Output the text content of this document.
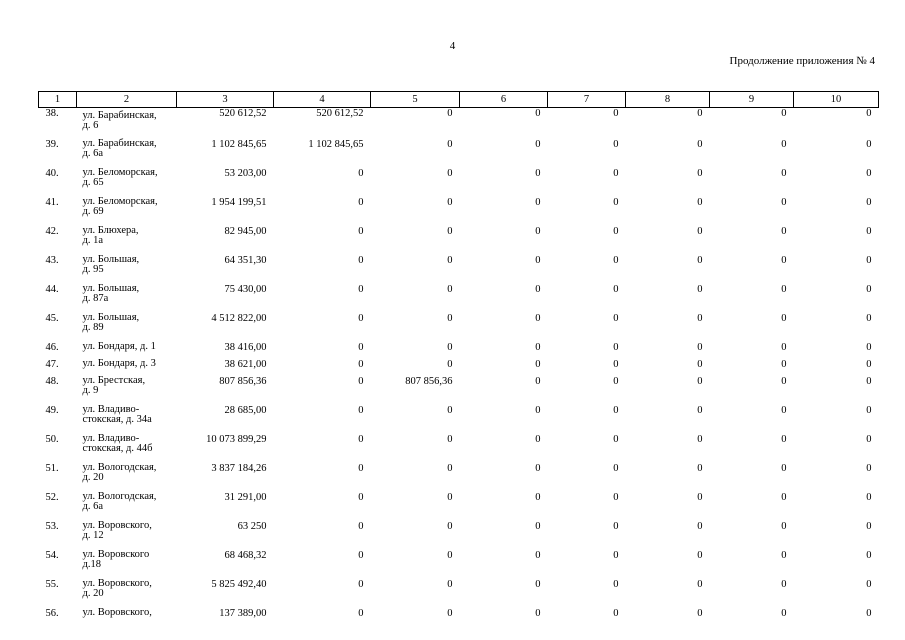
4
Продолжение приложения № 4
1	2	3	4	5	6	7	8	9	10
38.	ул. Барабинская,
д. 6	520 612,52	520 612,52	0	0	0	0	0	0
39.	ул. Барабинская,
д. 6а	1 102 845,65	1 102 845,65	0	0	0	0	0	0
40.	ул. Беломорская,
д. 65	53 203,00	0	0	0	0	0	0	0
41.	ул. Беломорская,
д. 69	1 954 199,51	0	0	0	0	0	0	0
42.	ул. Блюхера,
д. 1а	82 945,00	0	0	0	0	0	0	0
43.	ул. Большая,
д. 95	64 351,30	0	0	0	0	0	0	0
44.	ул. Большая,
д. 87а	75 430,00	0	0	0	0	0	0	0
45.	ул. Большая,
д. 89	4 512 822,00	0	0	0	0	0	0	0
46.	ул. Бондаря, д. 1	38 416,00	0	0	0	0	0	0	0
47.	ул. Бондаря, д. 3	38 621,00	0	0	0	0	0	0	0
48.	ул. Брестская,
д. 9	807 856,36	0	807 856,36	0	0	0	0	0
49.	ул. Владиво-
стокская, д. 34а	28 685,00	0	0	0	0	0	0	0
50.	ул. Владиво-
стокская, д. 44б	10 073 899,29	0	0	0	0	0	0	0
51.	ул. Вологодская,
д. 20	3 837 184,26	0	0	0	0	0	0	0
52.	ул. Вологодская,
д. 6а	31 291,00	0	0	0	0	0	0	0
53.	ул. Воровского,
д. 12	63 250	0	0	0	0	0	0	0
54.	ул. Воровского
д.18	68 468,32	0	0	0	0	0	0	0
55.	ул. Воровского,
д. 20	5 825 492,40	0	0	0	0	0	0	0
56.	ул. Воровского,	137 389,00	0	0	0	0	0	0	0
